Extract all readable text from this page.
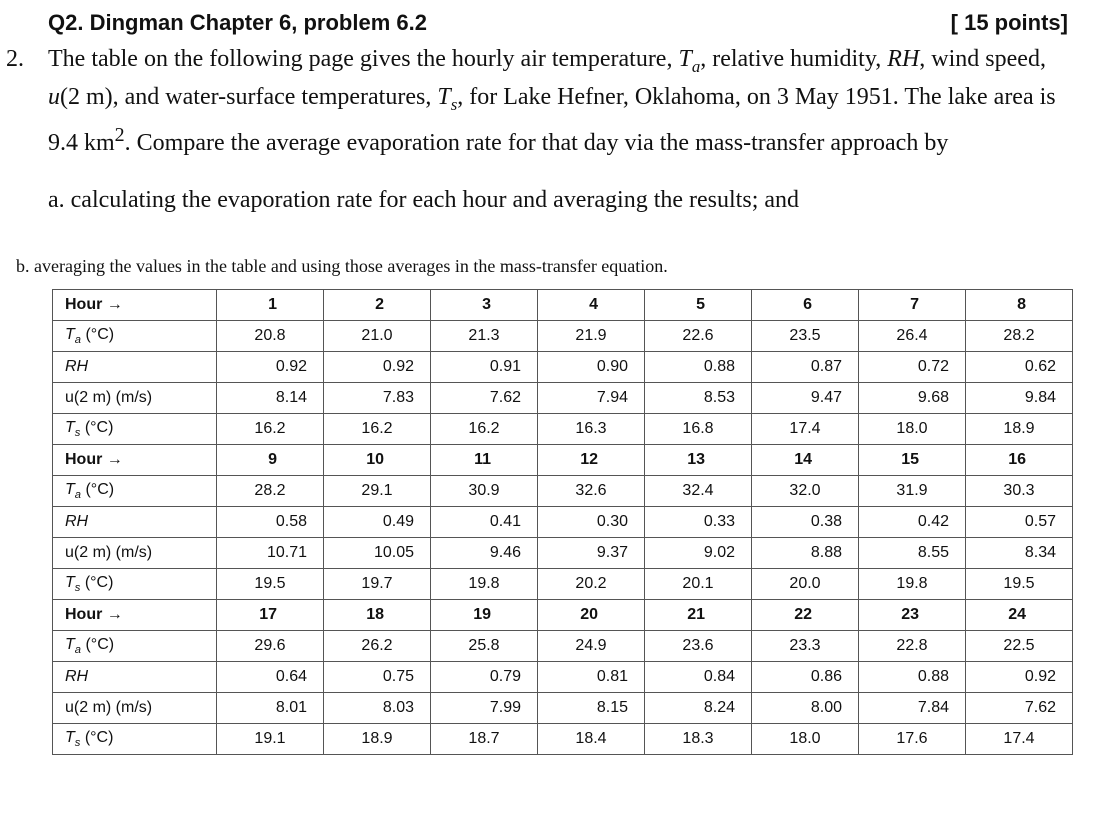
Q2. Dingman Chapter 6, problem 6.2	[ 15 points]
2. The table on the following page gives the hourly air temperature, $T_a$, relative humidity, RH, wind speed, u(2 m), and water-surface temperatures, $T_s$, for Lake Hefner, Oklahoma, on 3 May 1951. The lake area is 9.4 $km^2$. Compare the average evaporation rate for that day via the mass-transfer approach by
a. calculating the evaporation rate for each hour and averaging the results; and
b. averaging the values in the table and using those averages in the mass-transfer equation.
Hour →	1	2	3	4	5	6	7	8
$T_a$ (°C)	20.8	21.0	21.3	21.9	22.6	23.5	26.4	28.2
RH	0.92	0.92	0.91	0.90	0.88	0.87	0.72	0.62
u(2 m) (m/s)	8.14	7.83	7.62	7.94	8.53	9.47	9.68	9.84
$T_s$ (°C)	16.2	16.2	16.2	16.3	16.8	17.4	18.0	18.9
Hour →	9	10	11	12	13	14	15	16
$T_a$ (°C)	28.2	29.1	30.9	32.6	32.4	32.0	31.9	30.3
RH	0.58	0.49	0.41	0.30	0.33	0.38	0.42	0.57
u(2 m) (m/s)	10.71	10.05	9.46	9.37	9.02	8.88	8.55	8.34
$T_s$ (°C)	19.5	19.7	19.8	20.2	20.1	20.0	19.8	19.5
Hour →	17	18	19	20	21	22	23	24
$T_a$ (°C)	29.6	26.2	25.8	24.9	23.6	23.3	22.8	22.5
RH	0.64	0.75	0.79	0.81	0.84	0.86	0.88	0.92
u(2 m) (m/s)	8.01	8.03	7.99	8.15	8.24	8.00	7.84	7.62
$T_s$ (°C)	19.1	18.9	18.7	18.4	18.3	18.0	17.6	17.4
